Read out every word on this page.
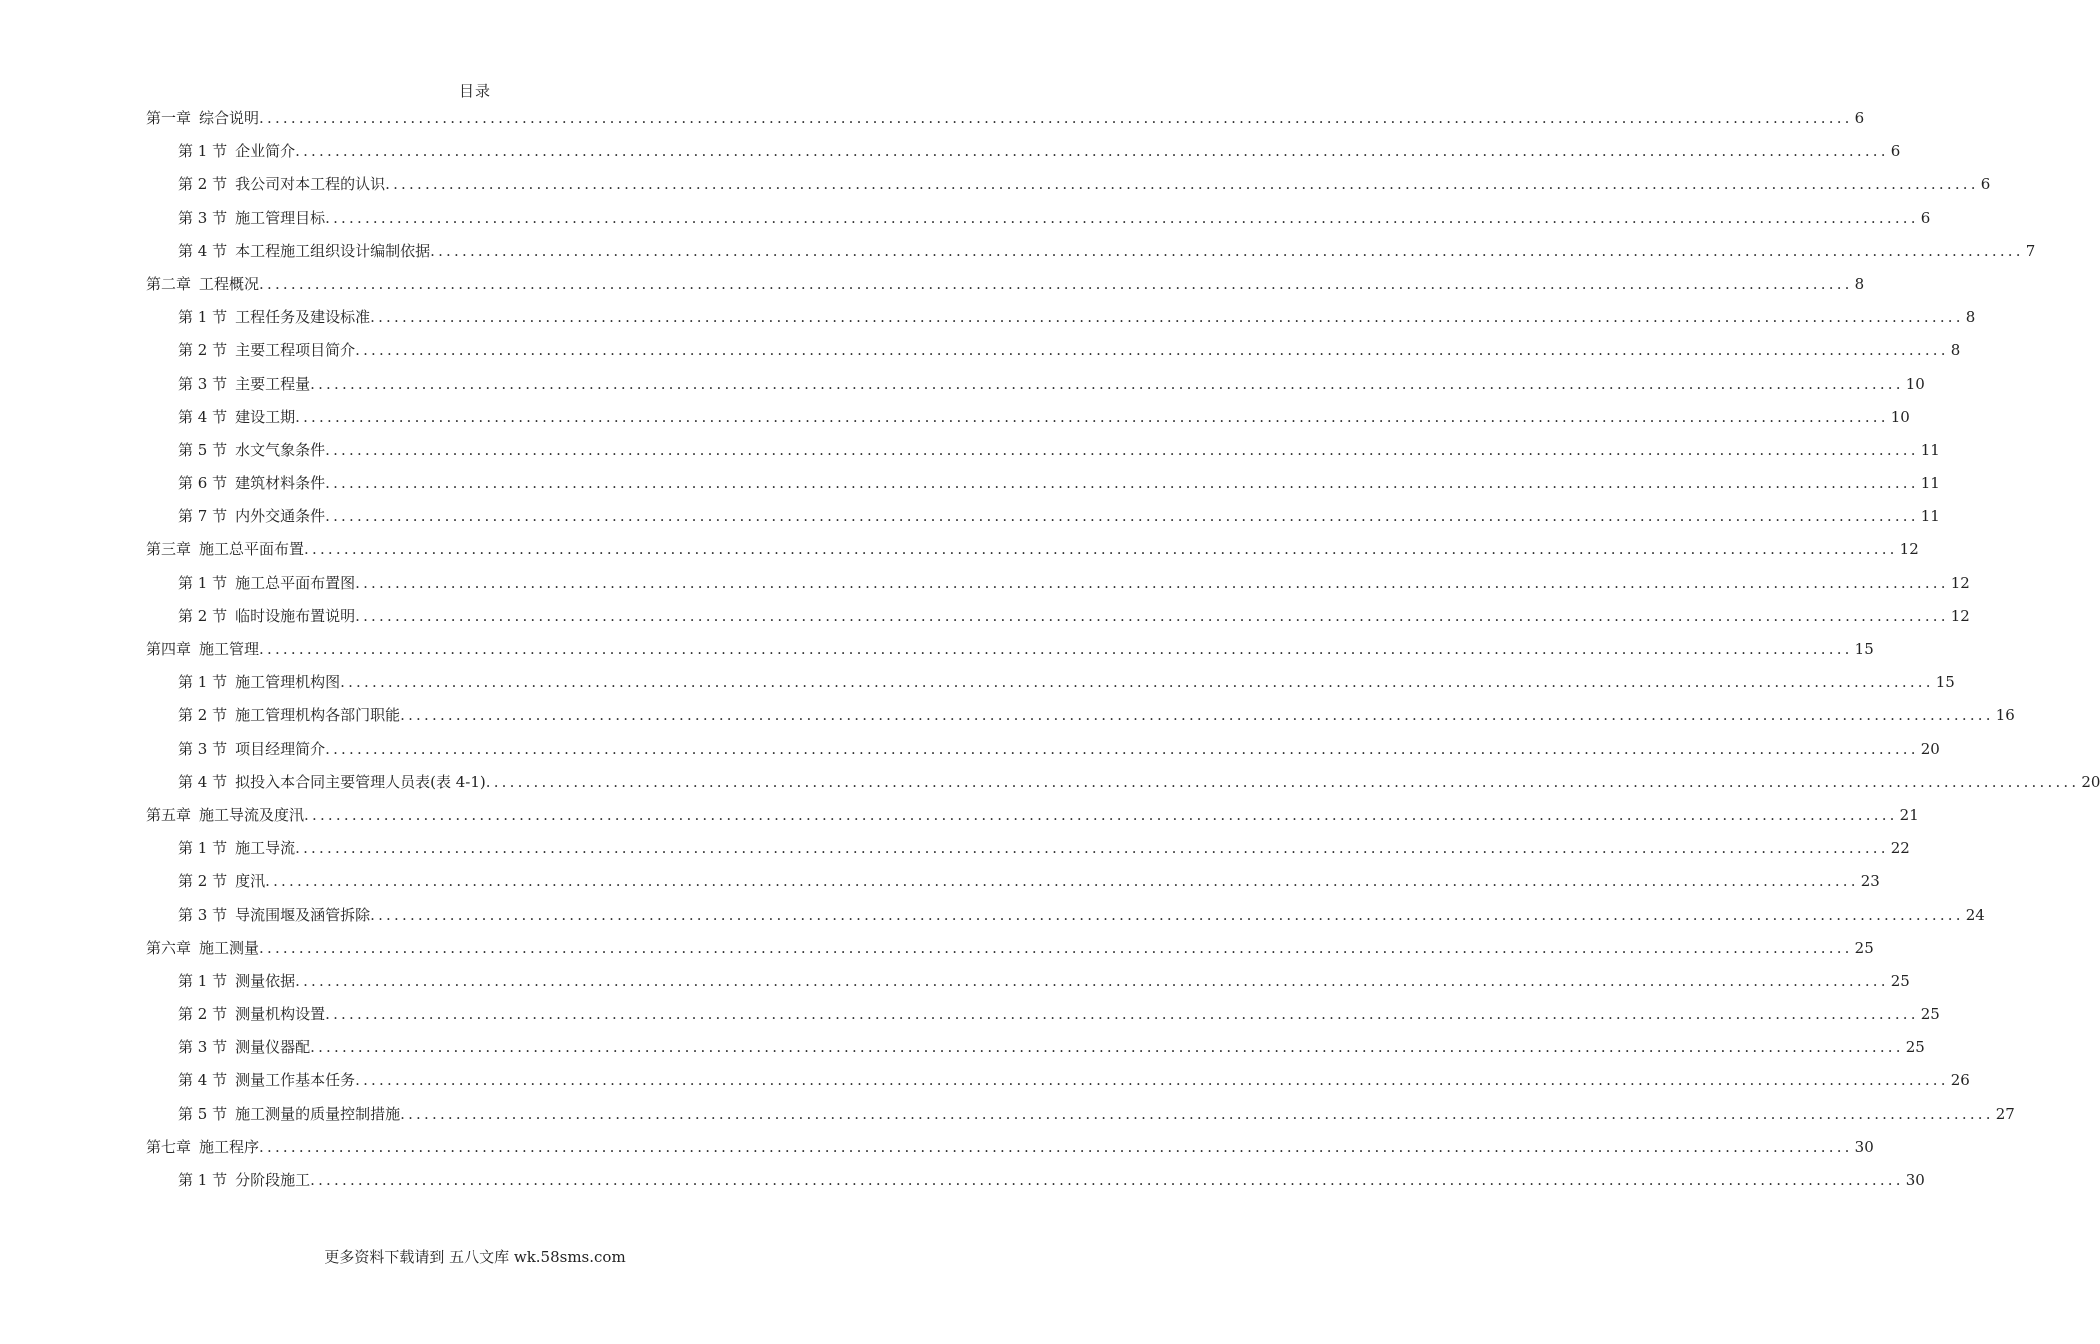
目录
第一章 综合说明 ........................................................................................................................................................................................................ 6
第 1 节 企业简介 ........................................................................................................................................................................................................ 6
第 2 节 我公司对本工程的认识 ........................................................................................................................................................................................................ 6
第 3 节 施工管理目标 ........................................................................................................................................................................................................ 6
第 4 节 本工程施工组织设计编制依据 ........................................................................................................................................................................................................ 7
第二章 工程概况 ........................................................................................................................................................................................................ 8
第 1 节 工程任务及建设标准 ........................................................................................................................................................................................................ 8
第 2 节 主要工程项目简介 ........................................................................................................................................................................................................ 8
第 3 节 主要工程量 ........................................................................................................................................................................................................ 10
第 4 节 建设工期 ........................................................................................................................................................................................................ 10
第 5 节 水文气象条件 ........................................................................................................................................................................................................ 11
第 6 节 建筑材料条件 ........................................................................................................................................................................................................ 11
第 7 节 内外交通条件 ........................................................................................................................................................................................................ 11
第三章 施工总平面布置 ........................................................................................................................................................................................................ 12
第 1 节 施工总平面布置图 ........................................................................................................................................................................................................ 12
第 2 节 临时设施布置说明 ........................................................................................................................................................................................................ 12
第四章 施工管理 ........................................................................................................................................................................................................ 15
第 1 节 施工管理机构图 ........................................................................................................................................................................................................ 15
第 2 节 施工管理机构各部门职能 ........................................................................................................................................................................................................ 16
第 3 节 项目经理简介 ........................................................................................................................................................................................................ 20
第 4 节 拟投入本合同主要管理人员表(表 4-1) ........................................................................................................................................................................................................ 20
第五章 施工导流及度汛 ........................................................................................................................................................................................................ 21
第 1 节 施工导流 ........................................................................................................................................................................................................ 22
第 2 节 度汛 ........................................................................................................................................................................................................ 23
第 3 节 导流围堰及涵管拆除 ........................................................................................................................................................................................................ 24
第六章 施工测量 ........................................................................................................................................................................................................ 25
第 1 节 测量依据 ........................................................................................................................................................................................................ 25
第 2 节 测量机构设置 ........................................................................................................................................................................................................ 25
第 3 节 测量仪器配 ........................................................................................................................................................................................................ 25
第 4 节 测量工作基本任务 ........................................................................................................................................................................................................ 26
第 5 节 施工测量的质量控制措施 ........................................................................................................................................................................................................ 27
第七章 施工程序 ........................................................................................................................................................................................................ 30
第 1 节 分阶段施工 ........................................................................................................................................................................................................ 30
更多资料下载请到 五八文库 wk.58sms.com
